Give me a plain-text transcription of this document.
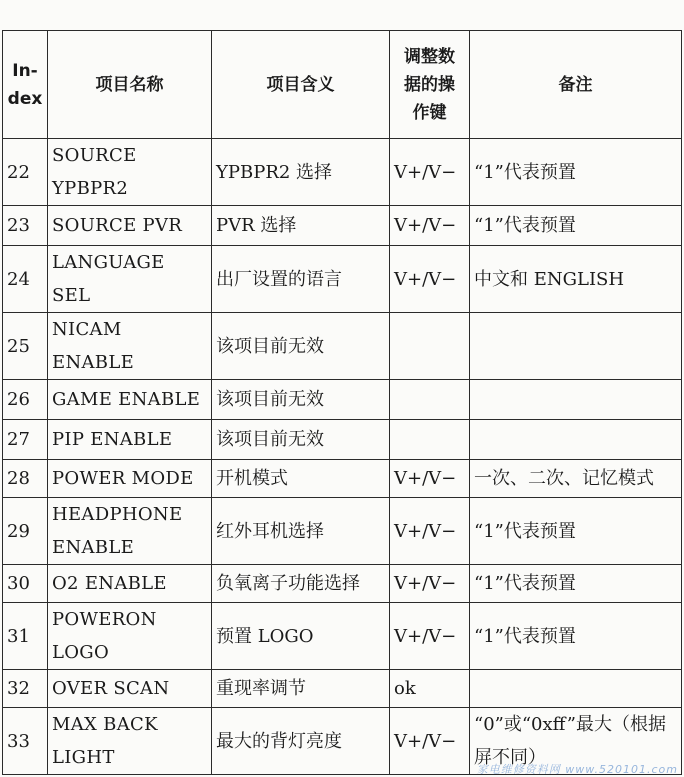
In-dex	项目名称	项目含义	调整数据的操作键	备注
22	SOURCE YPBPR2	YPBPR2 选择	V+/V−	“1”代表预置
23	SOURCE PVR	PVR 选择	V+/V−	“1”代表预置
24	LANGUAGE SEL	出厂设置的语言	V+/V−	中文和 ENGLISH
25	NICAM ENABLE	该项目前无效		
26	GAME ENABLE	该项目前无效		
27	PIP ENABLE	该项目前无效		
28	POWER MODE	开机模式	V+/V−	一次、二次、记忆模式
29	HEADPHONE ENABLE	红外耳机选择	V+/V−	“1”代表预置
30	O2 ENABLE	负氧离子功能选择	V+/V−	“1”代表预置
31	POWERON LOGO	预置 LOGO	V+/V−	“1”代表预置
32	OVER SCAN	重现率调节	ok	
33	MAX BACK LIGHT	最大的背灯亮度	V+/V−	“0”或“0xff”最大（根据屏不同）
家电维修资料网 www.520101.com
